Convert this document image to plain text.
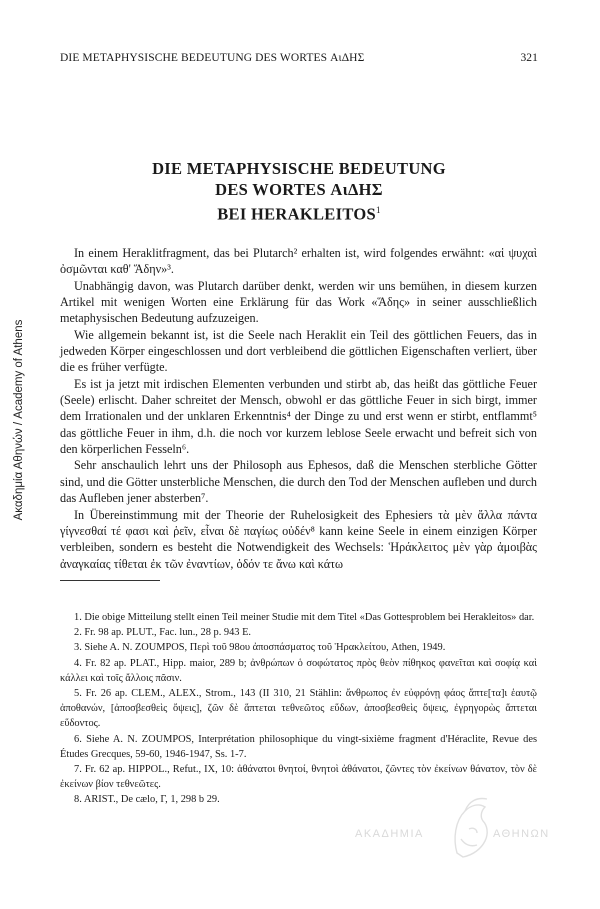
Ακαδημία Αθηνών / Academy of Athens
DIE METAPHYSISCHE BEDEUTUNG DES WORTES ΑιΔΗΣ	321
DIE METAPHYSISCHE BEDEUTUNG
DES WORTES ΑιΔΗΣ
BEI HERAKLEITOS$^1$

In einem Heraklitfragment, das bei Plutarch² erhalten ist, wird folgendes erwähnt: «αἱ ψυχαὶ ὀσμῶνται καθ' Ἅδην»³.

Unabhängig davon, was Plutarch darüber denkt, werden wir uns bemühen, in diesem kurzen Artikel mit wenigen Worten eine Erklärung für das Work «Ἅδης» in seiner ausschließlich metaphysischen Bedeutung aufzuzeigen.

Wie allgemein bekannt ist, ist die Seele nach Heraklit ein Teil des göttlichen Feuers, das in jedweden Körper eingeschlossen und dort verbleibend die göttlichen Eigenschaften verliert, über die es früher verfügte.

Es ist ja jetzt mit irdischen Elementen verbunden und stirbt ab, das heißt das göttliche Feuer (Seele) erlischt. Daher schreitet der Mensch, obwohl er das göttliche Feuer in sich birgt, immer dem Irrationalen und der unklaren Erkenntnis⁴ der Dinge zu und erst wenn er stirbt, entflammt⁵ das göttliche Feuer in ihm, d.h. die noch vor kurzem leblose Seele erwacht und befreit sich von den körperlichen Fesseln⁶.

Sehr anschaulich lehrt uns der Philosoph aus Ephesos, daß die Menschen sterbliche Götter sind, und die Götter unsterbliche Menschen, die durch den Tod der Menschen aufleben und durch das Aufleben jener absterben⁷.

In Übereinstimmung mit der Theorie der Ruhelosigkeit des Ephesiers τὰ μὲν ἄλλα πάντα γίγνεσθαί τέ φασι καὶ ῥεῖν, εἶναι δὲ παγίως οὐδέν⁸ kann keine Seele in einem einzigen Körper verbleiben, sondern es besteht die Notwendigkeit des Wechsels: Ἡράκλειτος μὲν γὰρ ἀμοιβὰς ἀναγκαίας τίθεται ἐκ τῶν ἐναντίων, ὁδόν τε ἄνω καὶ κάτω

1. Die obige Mitteilung stellt einen Teil meiner Studie mit dem Titel «Das Gottesproblem bei Herakleitos» dar.

2. Fr. 98 ap. PLUT., Fac. lun., 28 p. 943 E.

3. Siehe A. N. ZOUMPOS, Περὶ τοῦ 98ου ἀποσπάσματος τοῦ Ἡρακλείτου, Athen, 1949.

4. Fr. 82 ap. PLAT., Hipp. maior, 289 b; ἀνθρώπων ὁ σοφώτατος πρὸς θεὸν πίθηκος φανεῖται καὶ σοφίᾳ καὶ κάλλει καὶ τοῖς ἄλλοις πᾶσιν.

5. Fr. 26 ap. CLEM., ALEX., Strom., 143 (II 310, 21 Stählin: ἄνθρωπος ἐν εὐφρόνῃ φάος ἅπτε[τα]ι ἑαυτῷ ἀποθανών, [ἀποσβεσθεὶς ὄψεις], ζῶν δὲ ἅπτεται τεθνεῶτος εὕδων, ἀποσβεσθεὶς ὄψεις, ἐγρηγορὼς ἅπτεται εὕδοντος.

6. Siehe A. N. ZOUMPOS, Interprétation philosophique du vingt-sixième fragment d'Héraclite, Revue des Études Grecques, 59-60, 1946-1947, Ss. 1-7.

7. Fr. 62 ap. HIPPOL., Refut., IX, 10: ἀθάνατοι θνητοί, θνητοὶ ἀθάνατοι, ζῶντες τὸν ἐκείνων θάνατον, τὸν δὲ ἐκείνων βίον τεθνεῶτες.

8. ARIST., De cælo, Γ, 1, 298 b 29.

ΑΚΑΔΗΜΙΑ	ΑΘΗΝΩΝ
